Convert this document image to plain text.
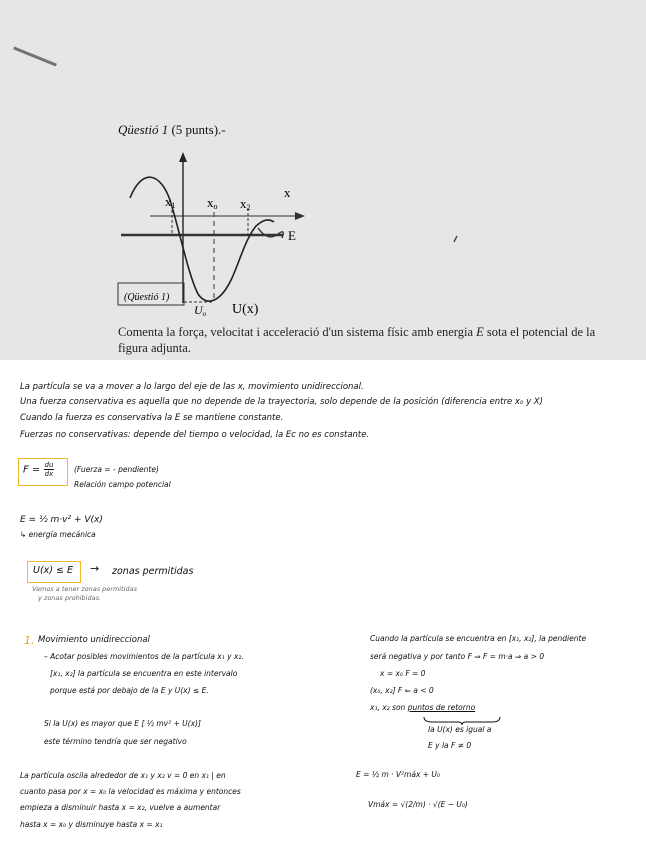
Qüestió 1 (5 punts).-
x1 xo x2
x
E
U(x)
(Qüestió 1)
Uo
Comenta la força, velocitat i acceleració d'un sistema físic amb energia E sota el potencial de la figura adjunta.
La partícula se va a mover a lo largo del eje de las x, movimiento unidireccional.
Una fuerza conservativa es aquella que no depende de la trayectoria, solo depende de la posición (diferencia entre x₀ y X)
Cuando la fuerza es conservativa la E se mantiene constante.
Fuerzas no conservativas: depende del tiempo o velocidad, la Ec no es constante.
$F = \frac{du}{dx}$	(Fuerza = - pendiente)
Relación campo potencial
E = ½ m·v² + V(x)
↳ energía mecánica
U(x) ≤ E → zonas permitidas
Vamos a tener zonas permitidas
y zonas prohibidas.
1. Movimiento unidireccional
– Acotar posibles movimientos de la partícula x₁ y x₂.
[x₁, x₂] la partícula se encuentra en este intervalo
porque está por debajo de la E y U(x) ≤ E.
Si la U(x) es mayor que E [ ½ mv² + U(x)]
este término tendría que ser negativo
Cuando la partícula se encuentra en [x₁, x₂], la pendiente
será negativa y por tanto F ⇒ F = m·a ⇒ a > 0
x = x₀ F = 0
(x₀, x₂] F ⇐ a < 0
x₁, x₂ son puntos de retorno
la U(x) es igual a
E y la F ≠ 0
La partícula oscila alrededor de x₁ y x₂ v = 0 en x₁ | en
cuanto pasa por x = x₀ la velocidad es máxima y entonces
empieza a disminuir hasta x = x₂, vuelve a aumentar
hasta x = x₀ y disminuye hasta x = x₁
E = ½ m · V²máx + U₀
Vmáx = √(2/m) · √(E − U₀)
